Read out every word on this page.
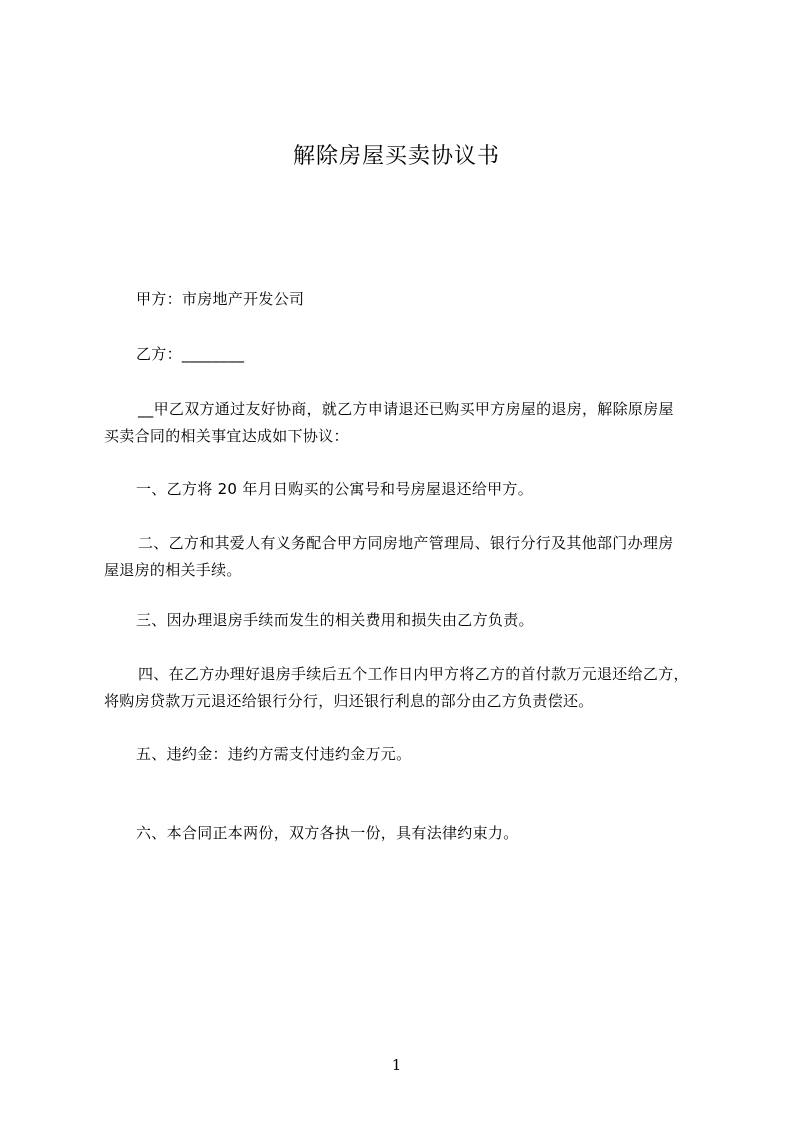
解除房屋买卖协议书
甲方：市房地产开发公司
乙方：________
__甲乙双方通过友好协商，就乙方申请退还已购买甲方房屋的退房，解除原房屋
买卖合同的相关事宜达成如下协议：
一、乙方将 20 年月日购买的公寓号和号房屋退还给甲方。
二、乙方和其爱人有义务配合甲方同房地产管理局、银行分行及其他部门办理房
屋退房的相关手续。
三、因办理退房手续而发生的相关费用和损失由乙方负责。
四、在乙方办理好退房手续后五个工作日内甲方将乙方的首付款万元退还给乙方，
将购房贷款万元退还给银行分行，归还银行利息的部分由乙方负责偿还。
五、违约金：违约方需支付违约金万元。
六、本合同正本两份，双方各执一份，具有法律约束力。
1
